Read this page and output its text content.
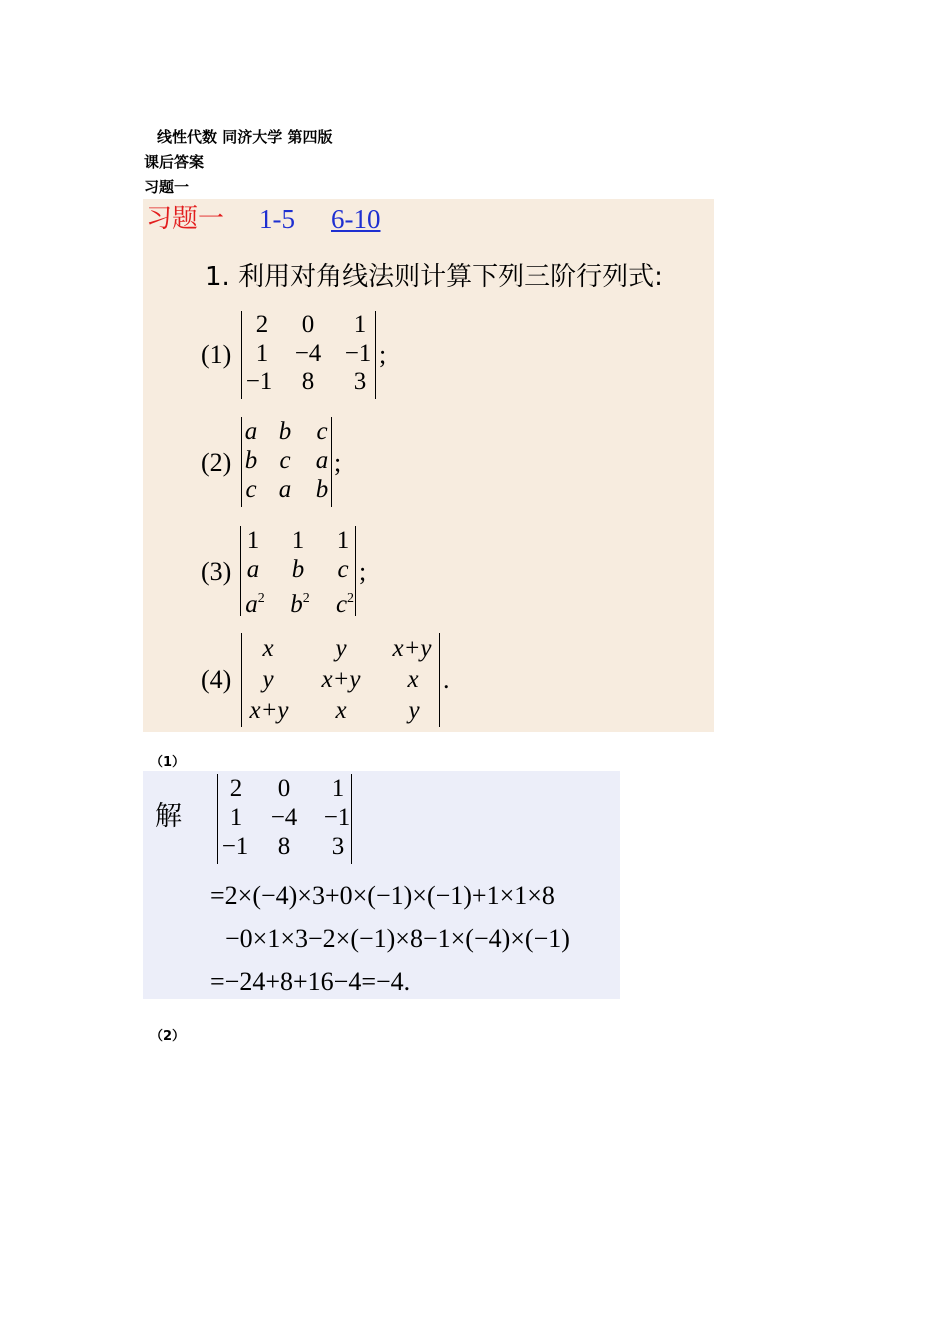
线性代数 同济大学 第四版
课后答案
习题一
习题一 1-5 6-10
1. 利用对角线法则计算下列三阶行列式:
(1)
2	0	1
1	−4 −1
−1	8	3
;
(2)
a b c
b c a
c a b
;
(3)
1 1 1
a b c
$a^2$ $b^2$ $c^2$
;
(4)
x	y	x+y
y	x+y	x
x+y	x	y
.
（1）
解
2	0	1
1	−4 −1
−1	8	3
=2×(−4)×3+0×(−1)×(−1)+1×1×8
−0×1×3−2×(−1)×8−1×(−4)×(−1)
=−24+8+16−4=−4.
（2）
